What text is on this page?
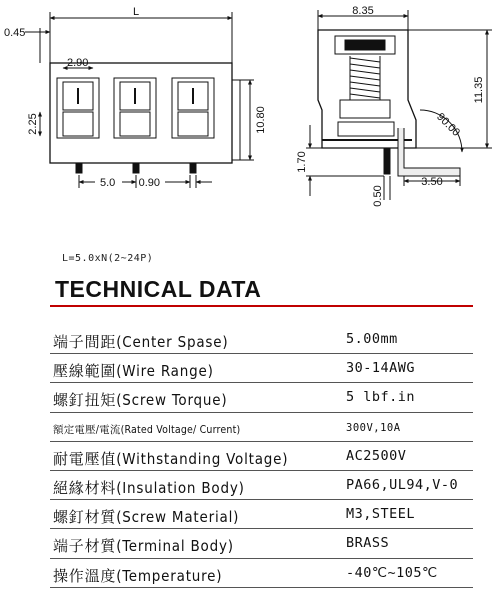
L
0.45
2.90
10.80
2.25
5.0 0.90
8.35
11.35
90.00
1.70
0.50
3.50
L=5.0xN(2~24P)
TECHNICAL DATA
端子間距(Center Spase)	5.00mm
壓線範圍(Wire Range)	30-14AWG
螺釘扭矩(Screw Torque)	5 lbf.in
額定電壓/電流(Rated Voltage/ Current)	300V,10A
耐電壓值(Withstanding Voltage)	AC2500V
絕緣材料(Insulation Body)	PA66,UL94,V-0
螺釘材質(Screw Material)	M3,STEEL
端子材質(Terminal Body)	BRASS
操作溫度(Temperature)	-40℃~105℃
